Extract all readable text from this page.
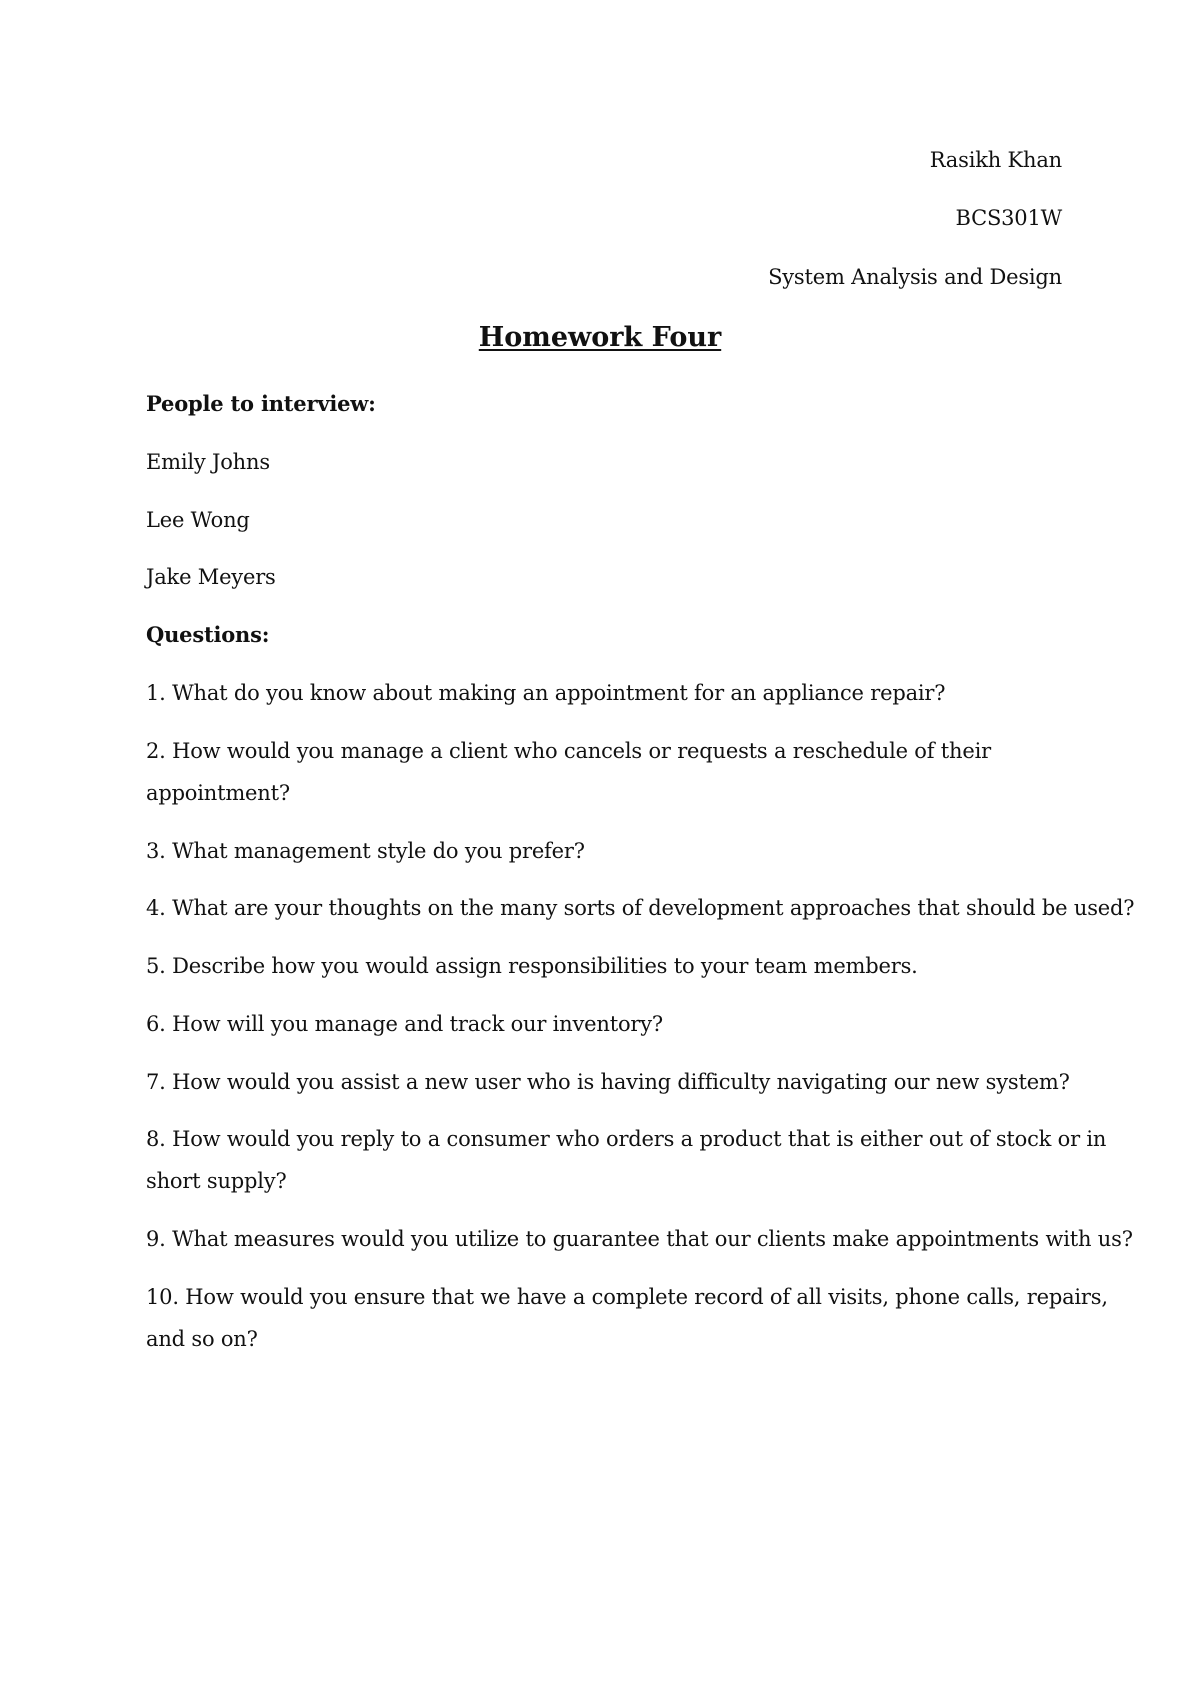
Rasikh Khan
BCS301W
System Analysis and Design
Homework Four
People to interview:
Emily Johns
Lee Wong
Jake Meyers
Questions:
1. What do you know about making an appointment for an appliance repair?
2. How would you manage a client who cancels or requests a reschedule of their
appointment?
3. What management style do you prefer?
4. What are your thoughts on the many sorts of development approaches that should be used?
5. Describe how you would assign responsibilities to your team members.
6. How will you manage and track our inventory?
7. How would you assist a new user who is having difficulty navigating our new system?
8. How would you reply to a consumer who orders a product that is either out of stock or in
short supply?
9. What measures would you utilize to guarantee that our clients make appointments with us?
10. How would you ensure that we have a complete record of all visits, phone calls, repairs,
and so on?
